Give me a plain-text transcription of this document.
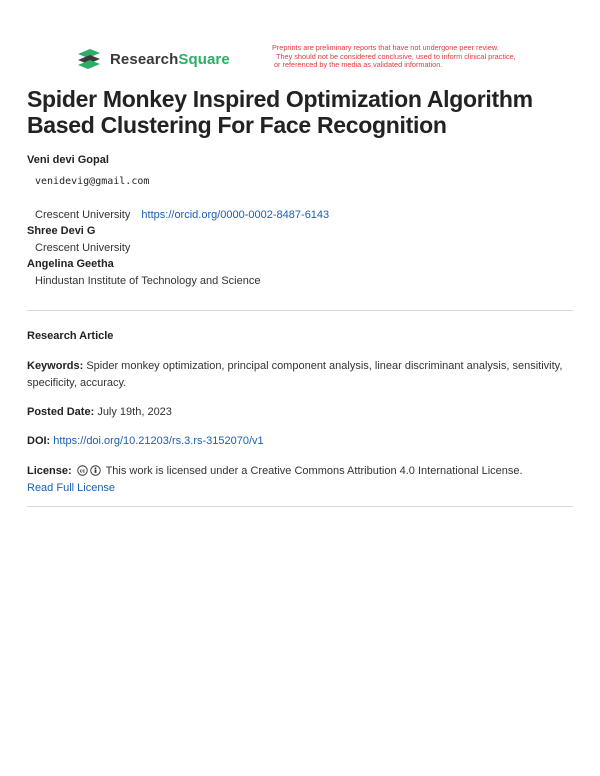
ResearchSquare
Preprints are preliminary reports that have not undergone peer review.
They should not be considered conclusive, used to inform clinical practice,
or referenced by the media as validated information.
Spider Monkey Inspired Optimization Algorithm
Based Clustering For Face Recognition
Veni devi Gopal
venidevig@gmail.com
Crescent University https://orcid.org/0000-0002-8487-6143
Shree Devi G
Crescent University
Angelina Geetha
Hindustan Institute of Technology and Science
Research Article
Keywords: Spider monkey optimization, principal component analysis, linear discriminant analysis, sensitivity, specificity, accuracy.
Posted Date: July 19th, 2023
DOI: https://doi.org/10.21203/rs.3.rs-3152070/v1
License: cc This work is licensed under a Creative Commons Attribution 4.0 International License.
Read Full License
